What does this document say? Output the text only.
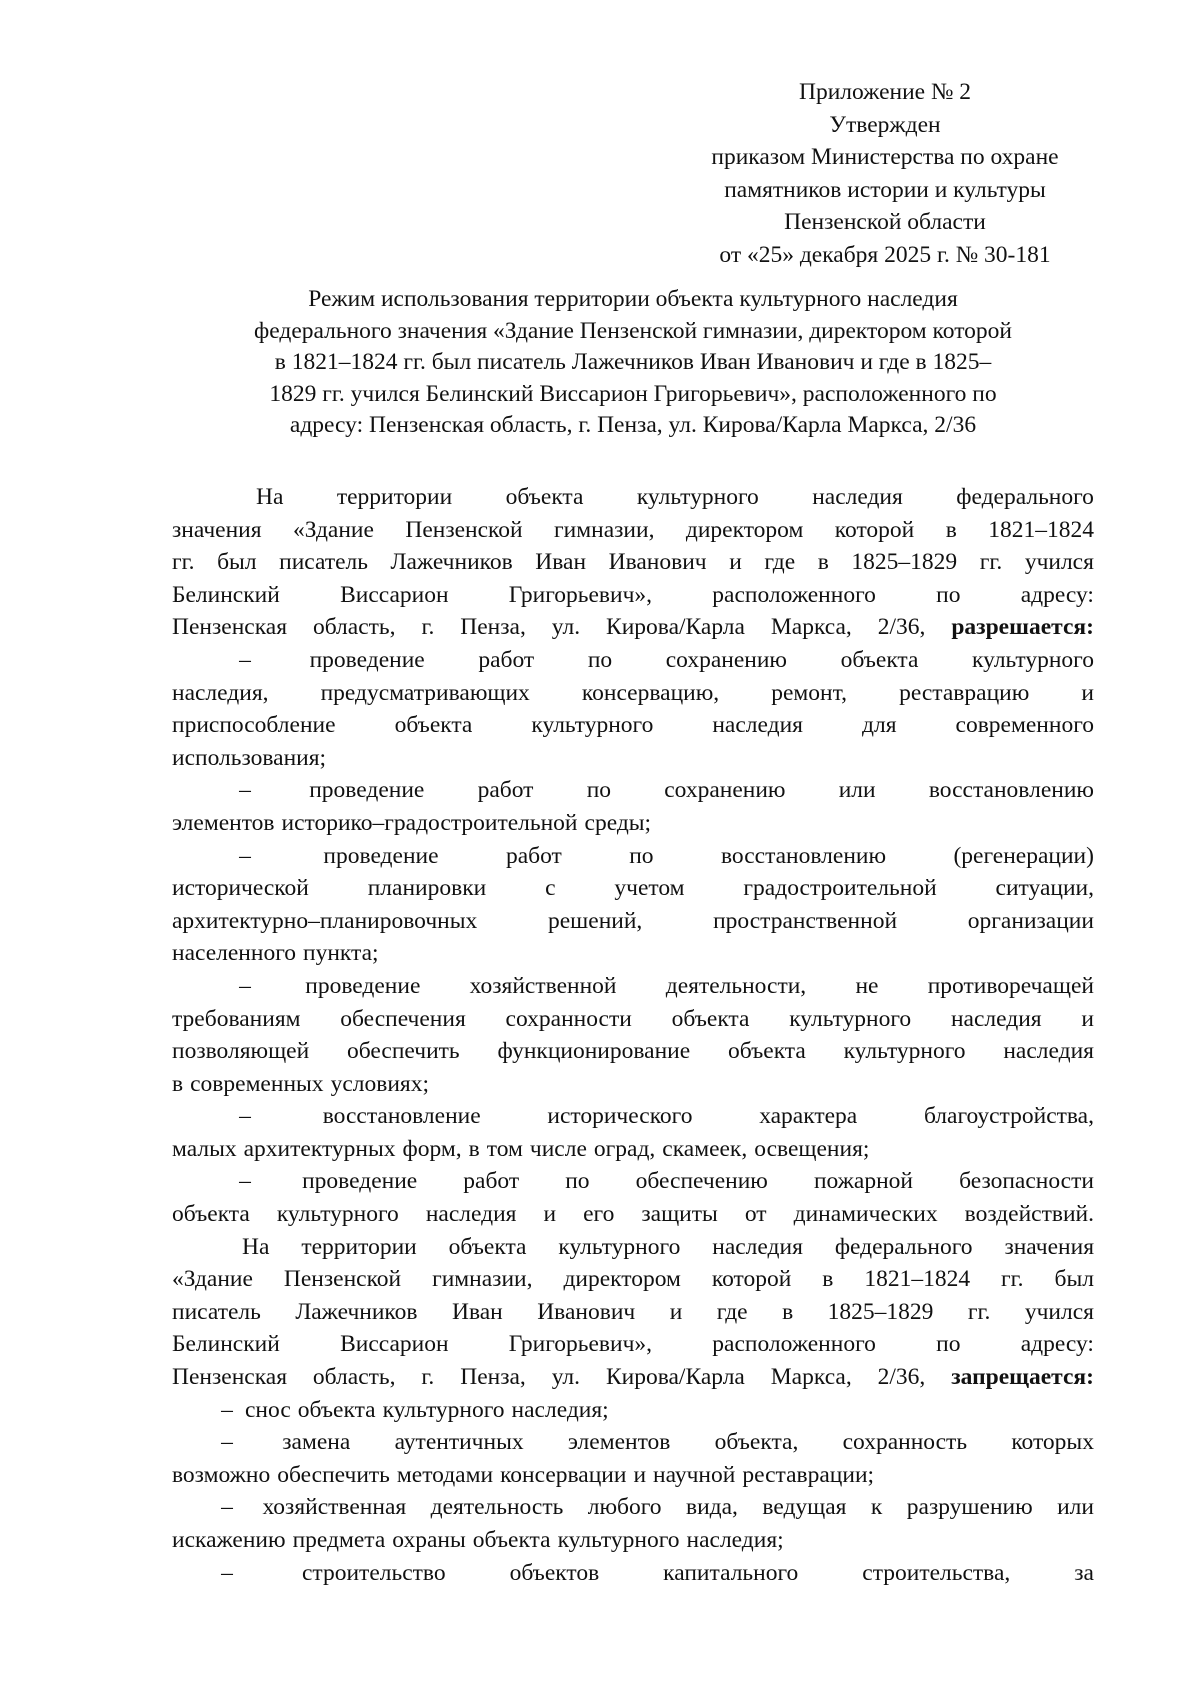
Приложение № 2
Утвержден
приказом Министерства по охране
памятников истории и культуры
Пензенской области
от «25» декабря 2025 г. № 30-181
Режим использования территории объекта культурного наследия
федерального значения «Здание Пензенской гимназии, директором которой
в 1821–1824 гг. был писатель Лажечников Иван Иванович и где в 1825–
1829 гг. учился Белинский Виссарион Григорьевич», расположенного по
адресу: Пензенская область, г. Пенза, ул. Кирова/Карла Маркса, 2/36
На территории объекта культурного наследия федерального
значения «Здание Пензенской гимназии, директором которой в 1821–1824
гг. был писатель Лажечников Иван Иванович и где в 1825–1829 гг. учился
Белинский	Виссарион	Григорьевич»,	расположенного	по	адресу:
Пензенская область, г. Пенза, ул. Кирова/Карла Маркса, 2/36, разрешается:
– проведение работ по сохранению объекта культурного
наследия, предусматривающих консервацию, ремонт, реставрацию и
приспособление	объекта	культурного	наследия	для	современного
использования;
– проведение работ по сохранению или восстановлению
элементов историко–градостроительной среды;
–	проведение	работ	по	восстановлению	(регенерации)
исторической	планировки	с	учетом	градостроительной	ситуации,
архитектурно–планировочных	решений,	пространственной	организации
населенного пункта;
– проведение хозяйственной деятельности, не противоречащей
требованиям обеспечения сохранности объекта культурного наследия и
позволяющей обеспечить функционирование объекта культурного наследия
в современных условиях;
–	восстановление	исторического	характера	благоустройства,
малых архитектурных форм, в том числе оград, скамеек, освещения;
– проведение работ по обеспечению пожарной безопасности
объекта культурного наследия и его защиты от динамических воздействий.
На территории объекта культурного наследия федерального значения
«Здание Пензенской гимназии, директором которой в 1821–1824 гг. был
писатель Лажечников Иван Иванович и где в 1825–1829 гг. учился
Белинский	Виссарион	Григорьевич»,	расположенного	по	адресу:
Пензенская область, г. Пенза, ул. Кирова/Карла Маркса, 2/36, запрещается:
– снос объекта культурного наследия;
– замена аутентичных элементов объекта, сохранность которых
возможно обеспечить методами консервации и научной реставрации;
– хозяйственная деятельность любого вида, ведущая к разрушению или
искажению предмета охраны объекта культурного наследия;
–	строительство	объектов	капитального	строительства,	за
